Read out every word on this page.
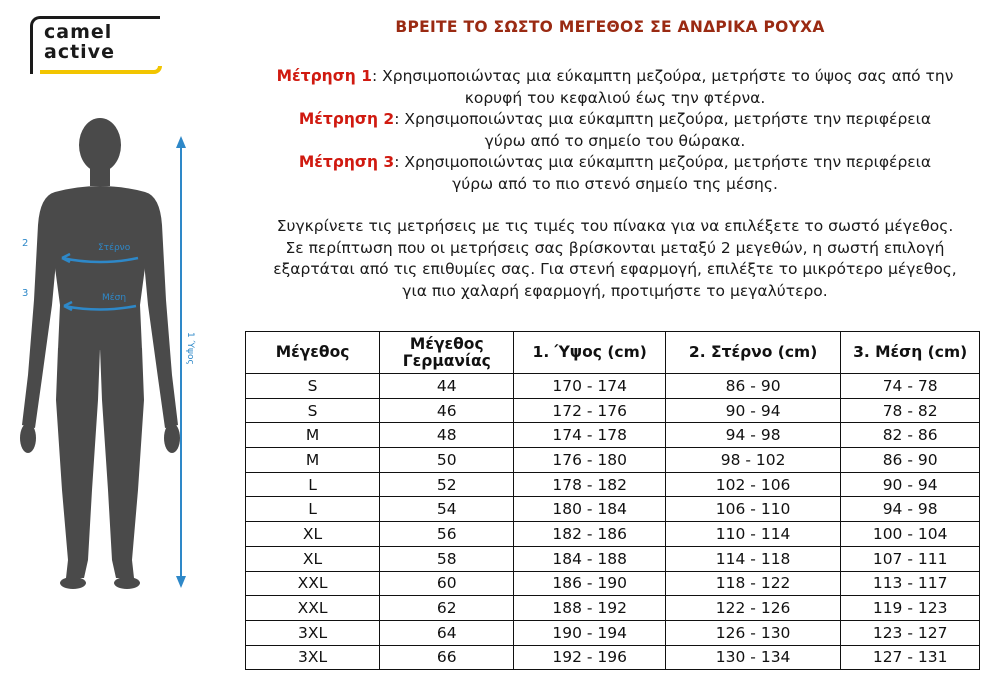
camel
active
2	Στέρνο
3	Μέση
1 Ύψος
ΒΡΕΙΤΕ ΤΟ ΣΩΣΤΟ ΜΕΓΕΘΟΣ ΣΕ ΑΝΔΡΙΚΑ ΡΟΥΧΑ

Μέτρηση 1: Χρησιμοποιώντας μια εύκαμπτη μεζούρα, μετρήστε το ύψος σας από την

κορυφή του κεφαλιού έως την φτέρνα.

Μέτρηση 2: Χρησιμοποιώντας μια εύκαμπτη μεζούρα, μετρήστε την περιφέρεια

γύρω από το σημείο του θώρακα.

Μέτρηση 3: Χρησιμοποιώντας μια εύκαμπτη μεζούρα, μετρήστε την περιφέρεια

γύρω από το πιο στενό σημείο της μέσης.

Συγκρίνετε τις μετρήσεις με τις τιμές του πίνακα για να επιλέξετε το σωστό μέγεθος.

Σε περίπτωση που οι μετρήσεις σας βρίσκονται μεταξύ 2 μεγεθών, η σωστή επιλογή

εξαρτάται από τις επιθυμίες σας. Για στενή εφαρμογή, επιλέξτε το μικρότερο μέγεθος,

για πιο χαλαρή εφαρμογή, προτιμήστε το μεγαλύτερο.

Μέγεθος	Μέγεθος Γερμανίας	1. Ύψος (cm)	2. Στέρνο (cm)	3. Μέση (cm)
S	44	170 - 174	86 - 90	74 - 78
S	46	172 - 176	90 - 94	78 - 82
M	48	174 - 178	94 - 98	82 - 86
M	50	176 - 180	98 - 102	86 - 90
L	52	178 - 182	102 - 106	90 - 94
L	54	180 - 184	106 - 110	94 - 98
XL	56	182 - 186	110 - 114	100 - 104
XL	58	184 - 188	114 - 118	107 - 111
XXL	60	186 - 190	118 - 122	113 - 117
XXL	62	188 - 192	122 - 126	119 - 123
3XL	64	190 - 194	126 - 130	123 - 127
3XL	66	192 - 196	130 - 134	127 - 131
